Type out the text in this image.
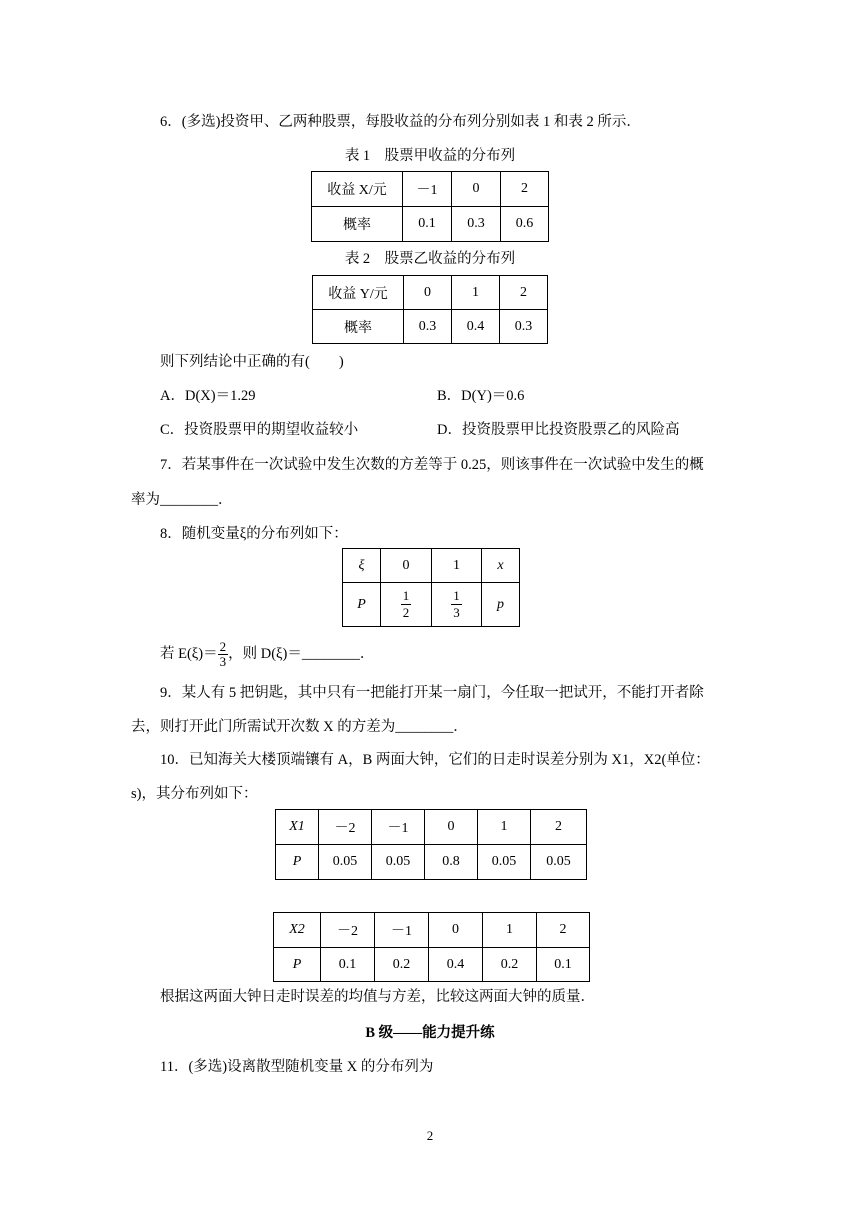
6．(多选)投资甲、乙两种股票，每股收益的分布列分别如表 1 和表 2 所示．
表 1　股票甲收益的分布列
收益 X/元	－1	0	2
概率	0.1	0.3	0.6
表 2　股票乙收益的分布列
收益 Y/元	0	1	2
概率	0.3	0.4	0.3
则下列结论中正确的有(　　)
A．D(X)＝1.29	B．D(Y)＝0.6
C．投资股票甲的期望收益较小	D．投资股票甲比投资股票乙的风险高
7．若某事件在一次试验中发生次数的方差等于 0.25，则该事件在一次试验中发生的概
率为________．
8．随机变量ξ的分布列如下：
ξ	0	1	x
P	$\frac{1}{2}$	$\frac{1}{3}$	p
若 $E(\xi)= \frac{2}{3}$ ，则 D(ξ)＝________．
9．某人有 5 把钥匙，其中只有一把能打开某一扇门，今任取一把试开，不能打开者除
去，则打开此门所需试开次数 X 的方差为________．
10．已知海关大楼顶端镶有 A，B 两面大钟，它们的日走时误差分别为 X1，X2(单位：
s)，其分布列如下：
X1	－2	－1	0	1	2
P	0.05	0.05	0.8	0.05	0.05
X2	－2	－1	0	1	2
P	0.1	0.2	0.4	0.2	0.1
根据这两面大钟日走时误差的均值与方差，比较这两面大钟的质量．
B 级——能力提升练
11．(多选)设离散型随机变量 X 的分布列为
2
